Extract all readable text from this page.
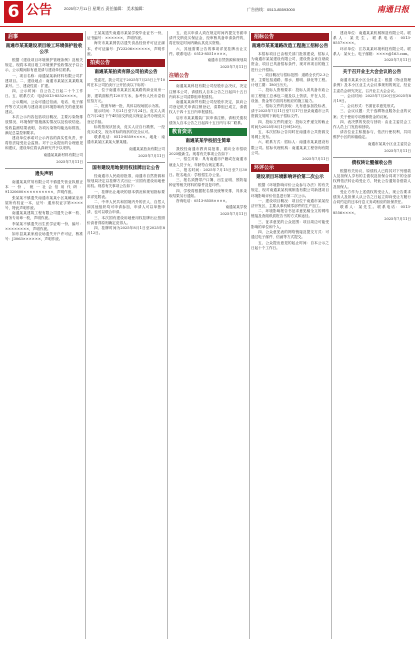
6 公告	2025年7月11日 星期五 责任编辑： 美术编辑：	广告热线：0513-85593000	南通日报
启事
南通市某某建设项目竣工环境保护验收公示

根据《建设项目环境保护管理条例》及相关规定，现将本项目竣工环境保护验收情况予以公示，公示期间如有意见请与建设单位联系。

一、项目名称：南通某某新材料有限公司扩建项目。二、建设地点：南通市某某区某某路某某号。三、建设性质：扩建。

四、公示时间：自公告之日起二十个工作日。五、联系方式：电话0513-8552××××。

公示期间，公众可通过信函、电话、电子邮件等方式反映与建设项目环境影响有关的意见和建议。

本次公示内容包括项目概况、主要污染物排放情况、环境保护措施落实情况以及验收结论。验收监测结果表明，各项污染物均能达标排放，满足总量控制要求。

建设单位承诺对公示内容的真实性负责，并将依法接受社会监督。对于公众提出的合理意见和建议，建设单位将认真研究并予以采纳。

南通某某新材料有限公司
2025年7月11日
遗失声明

南通某某贸易有限公司不慎遗失营业执照正本一份，统一社会信用代码：91320600××××××××××，声明作废。

张某某不慎遗失南通市某某小区某幢某室房屋所有权证一本，证号：通房权证字第××××号，特此声明作废。

南通某某建筑工程有限公司遗失公章一枚、财务专用章一枚，声明作废。

李某某不慎遗失出生医学证明一份，编号：××××××××，声明作废。

如东县某某家庭农场遗失开户许可证，核准号：J3063××××××，声明作废。

王某某遗失南通市某某学校毕业证书一份，证书编号：××××××，声明作废。

海安市某某餐饮店遗失食品经营许可证正副本，许可证编号：JY23206××××××，声明作废。

拍卖公告
南通某某拍卖有限公司拍卖公告

受委托，我公司定于2025年7月25日上午10时在本公司拍卖厅公开拍卖以下标的：

一、位于南通市某某区某某路的商业用房一套，建筑面积约120平方米，参考价人民币壹佰伍拾万元。

二、报废车辆一批，具体以现场展示为准。

展示时间：7月21日至7月24日。竞买人须在7月24日下午4时前交纳竞买保证金并办理竞买登记手续。

标的按现状拍卖，竞买人应自行勘察，一经竞买成交，视为对标的现状的完全认可。

联系电话：0513-8559××××。地址：南通市某某区某某大厦某楼。

南通某某拍卖有限公司
2025年7月11日
国有建设用地使用权挂牌出让公告

经南通市人民政府批准，南通市自然资源和规划局决定以挂牌方式出让一宗国有建设用地使用权。现将有关事项公告如下：

一、挂牌出让地块的基本情况和规划指标要求详见附表。

二、中华人民共和国境内外的法人、自然人和其他组织均可申请参加，申请人可以单独申请，也可以联合申请。

三、本次国有建设用地使用权挂牌出让按照价高者得原则确定竞得人。

四、挂牌时间为2025年8月1日至2025年8月12日。

五、竞买申请人须在规定时间内提交书面申请并交纳竞买保证金，经审核具备申请条件的，将在规定时间内确认其竞买资格。

六、其他需要公告的事项详见挂牌出让文件。联系电话：0513-8551××××。

南通市自然资源和规划局
2025年7月11日
注销公告

南通某某科技有限公司经股东会决议，决定注销本公司，请债权人自本公告之日起四十五日内向本公司清算组申报债权。

南通某某商贸有限公司经股东决定，拟向公司登记机关申请注销登记，清算组已成立，请债权人于四十五日内申报债权。

启东市某某服装厂拟申请注销，请相关债权债务人自本公告之日起四十五日内与本厂联系。

教育资讯
南通某某学校招生简章

我校经南通市教育局批准，面向全市招收2025级新生。现将有关事项公告如下：

一、招生对象：具有南通市户籍或在南通市就业人员子女，年龄符合规定要求。

二、报名时间：2025年7月15日至7月30日。报名地点：学校招生办公室。

三、报名须携带户口簿、出生证明、预防接种证等相关材料的原件及复印件。

四、学校将根据报名情况统筹安排，具体录取结果另行通知。

咨询电话：0513-8558××××。

南通某某学校
2025年7月11日
招标公告
南通市某某道路改造工程施工招标公告

本招标项目已由相关部门批准建设，招标人为南通市某某建设有限公司，建设资金来自财政资金，项目已具备招标条件，现对该项目的施工进行公开招标。

一、项目概况与招标范围：道路全长约2.3公里，主要包括道路、排水、照明、绿化等工程。计划工期：180日历天。

二、投标人资格要求：投标人须具备市政公用工程施工总承包二级及以上资质，并在人员、设备、资金等方面具有相应的施工能力。

三、招标文件的获取：凡有意参加投标者，请于2025年7月11日至7月17日登录南通市公共资源交易网下载电子招标文件。

四、投标文件的递交：投标文件递交的截止时间为2025年8月1日9时30分。

五、本次招标公告同时在南通市公共资源交易网上发布。

六、联系方式：招标人：南通市某某建设有限公司。招标代理机构：南通某某工程咨询有限公司。

2025年7月11日
环评公示
建设项目环境影响评价第二次公示

根据《环境影响评价公众参与办法》的有关规定，现对南通某某机械制造有限公司新建项目环境影响评价信息进行第二次公示。

一、建设项目概况：项目位于南通市某某经济开发区，主要从事机械零部件的生产加工。

二、环境影响报告书征求意见稿全文的网络链接及查阅纸质报告书的方式和途径。

三、征求意见的公众范围：项目周边可能受影响的单位和个人。

四、公众意见表的网络链接及提交方式：可通过电子邮件、信函等方式提交。

五、公众提出意见的起止时间：自本公示之日起十个工作日。

建设单位：南通某某机械制造有限公司。联系人：某先生。联系电话：0513-8557××××。

环评单位：江苏某某环境科技有限公司。联系人：某女士。电子邮箱：××××@163.com。

2025年7月11日
关于召开业主大会会议的公告

南通市某某小区全体业主：根据《物业管理条例》及本小区业主大会议事规则的规定，经业主委员会研究决定，召开业主大会会议。

一、会议时间：2025年7月20日至2025年8月19日。

二、会议形式：书面征求意见形式。

三、会议议题：关于选聘物业服务企业的议案；关于使用专项维修资金的议案。

四、表决票的发放与回收：由业主委员会工作人员上门发放和回收。

请各位业主积极参与，依法行使权利，共同维护小区的和谐稳定。

南通市某某小区业主委员会
2025年7月11日
债权转让暨催收公告

根据有关协议，原债权人已将其对下列借款人及担保人享有的主债权及担保合同项下的全部权利依法转让给受让方，特此公告通知各借款人及担保人。

受让方作为上述债权的受让人，现公告要求债务人及担保人从公告之日起立即向受让方履行合同约定的还本付息义务或相应的担保责任。

联系人：某先生。联系电话：0513-8556××××。

2025年7月11日
